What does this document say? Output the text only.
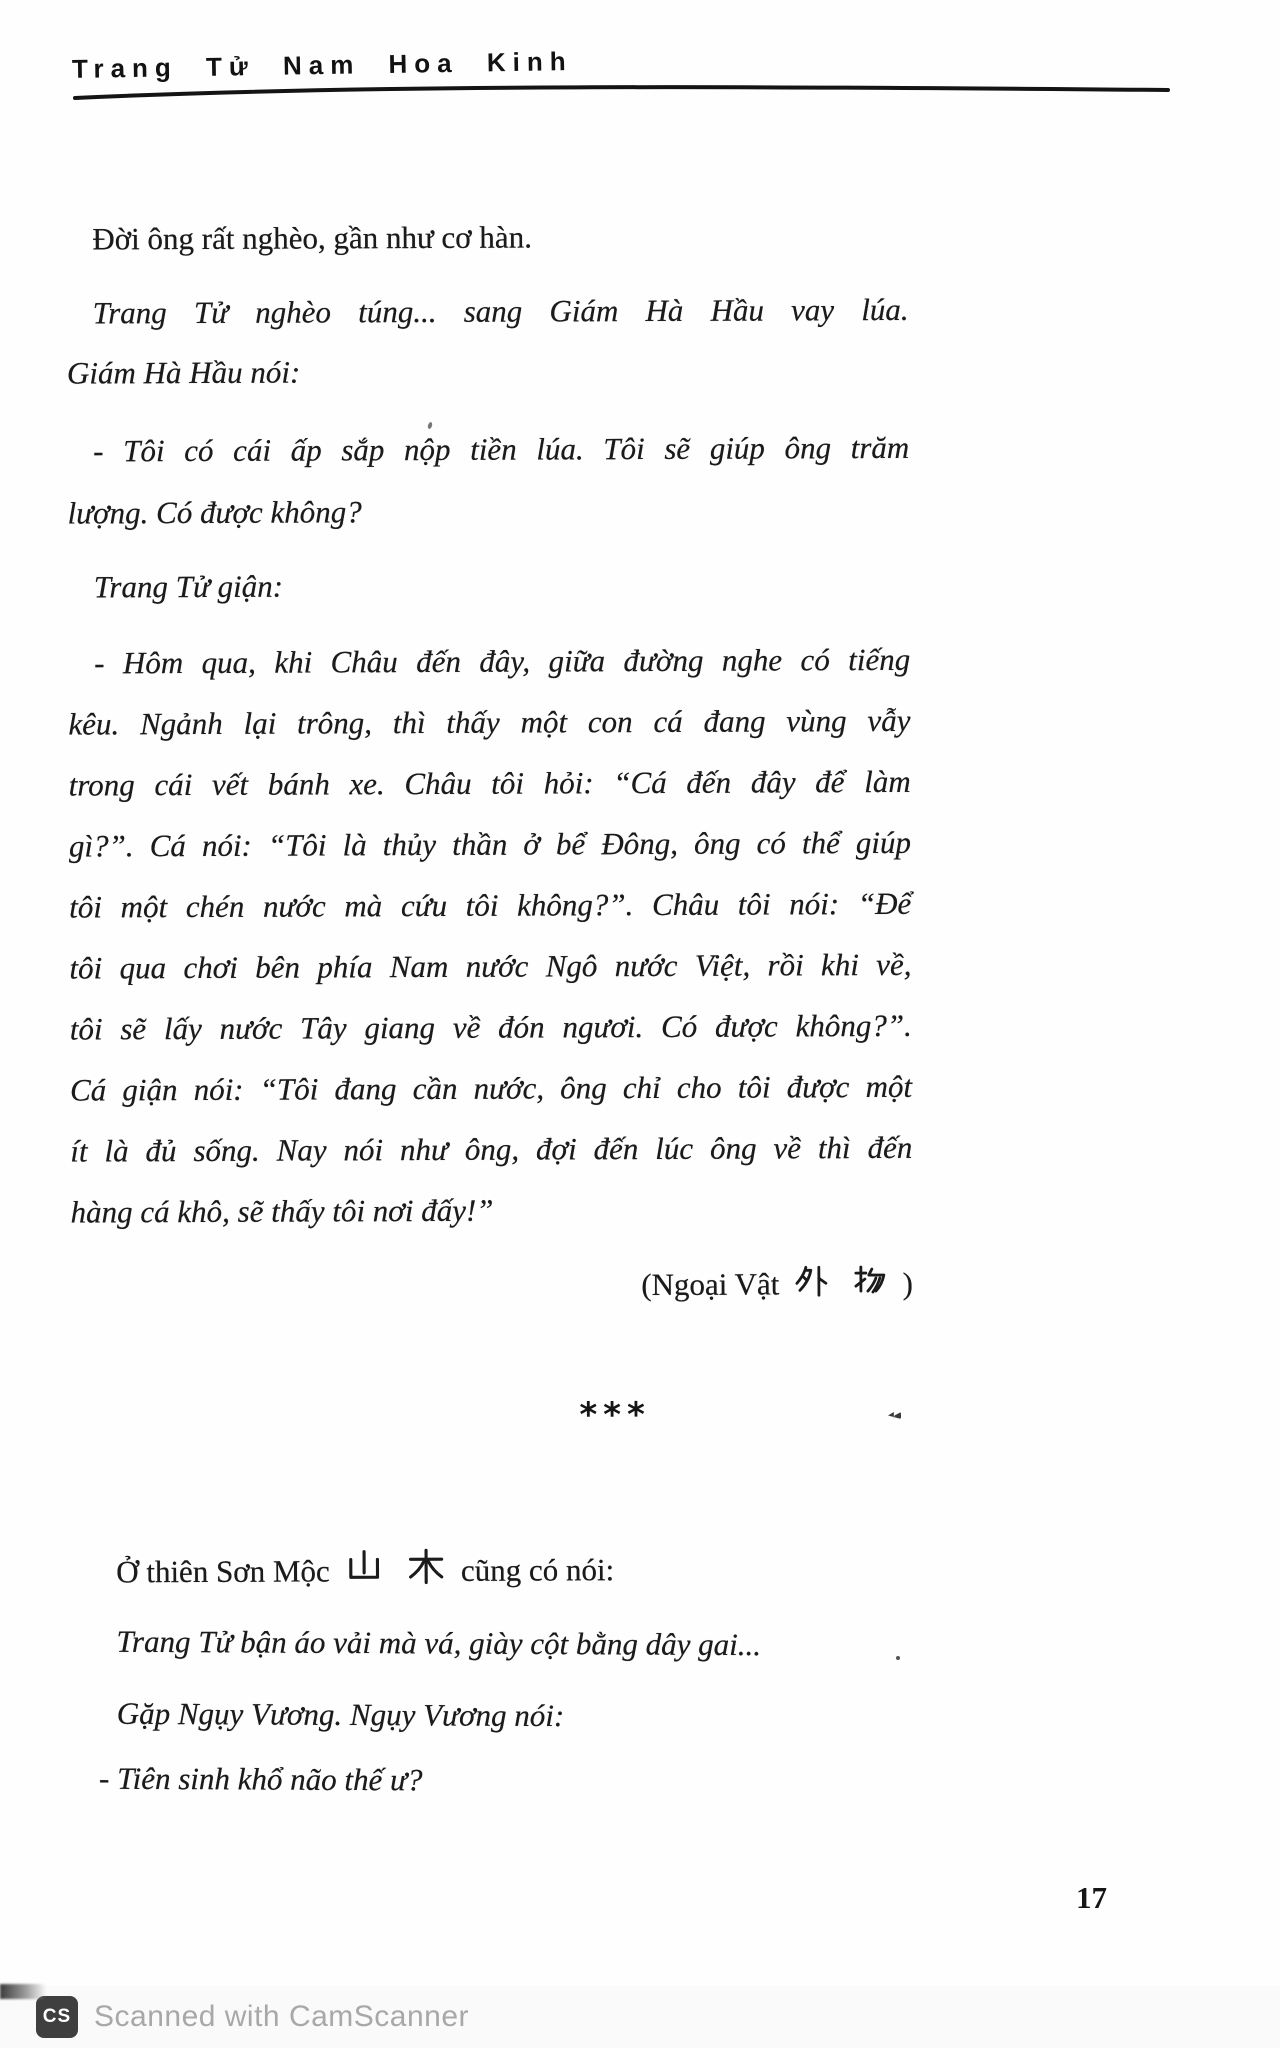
Trang Tử Nam Hoa Kinh
Đời ông rất nghèo, gần như cơ hàn.
Trang Tử nghèo túng... sang Giám Hà Hầu vay lúa.
Giám Hà Hầu nói:
- Tôi có cái ấp sắp nộp tiền lúa. Tôi sẽ giúp ông trăm
lượng. Có được không?
Trang Tử giận:
- Hôm qua, khi Châu đến đây, giữa đường nghe có tiếng
kêu. Ngảnh lại trông, thì thấy một con cá đang vùng vẫy
trong cái vết bánh xe. Châu tôi hỏi: “Cá đến đây để làm
gì?”. Cá nói: “Tôi là thủy thần ở bể Đông, ông có thể giúp
tôi một chén nước mà cứu tôi không?”. Châu tôi nói: “Để
tôi qua chơi bên phía Nam nước Ngô nước Việt, rồi khi về,
tôi sẽ lấy nước Tây giang về đón ngươi. Có được không?”.
Cá giận nói: “Tôi đang cần nước, ông chỉ cho tôi được một
ít là đủ sống. Nay nói như ông, đợi đến lúc ông về thì đến
hàng cá khô, sẽ thấy tôi nơi đấy!”
(Ngoại Vật	)
***
Ở thiên Sơn Mộc	cũng có nói:
Trang Tử bận áo vải mà vá, giày cột bằng dây gai...
Gặp Ngụy Vương. Ngụy Vương nói:
- Tiên sinh khổ não thế ư?
17
CS Scanned with CamScanner
